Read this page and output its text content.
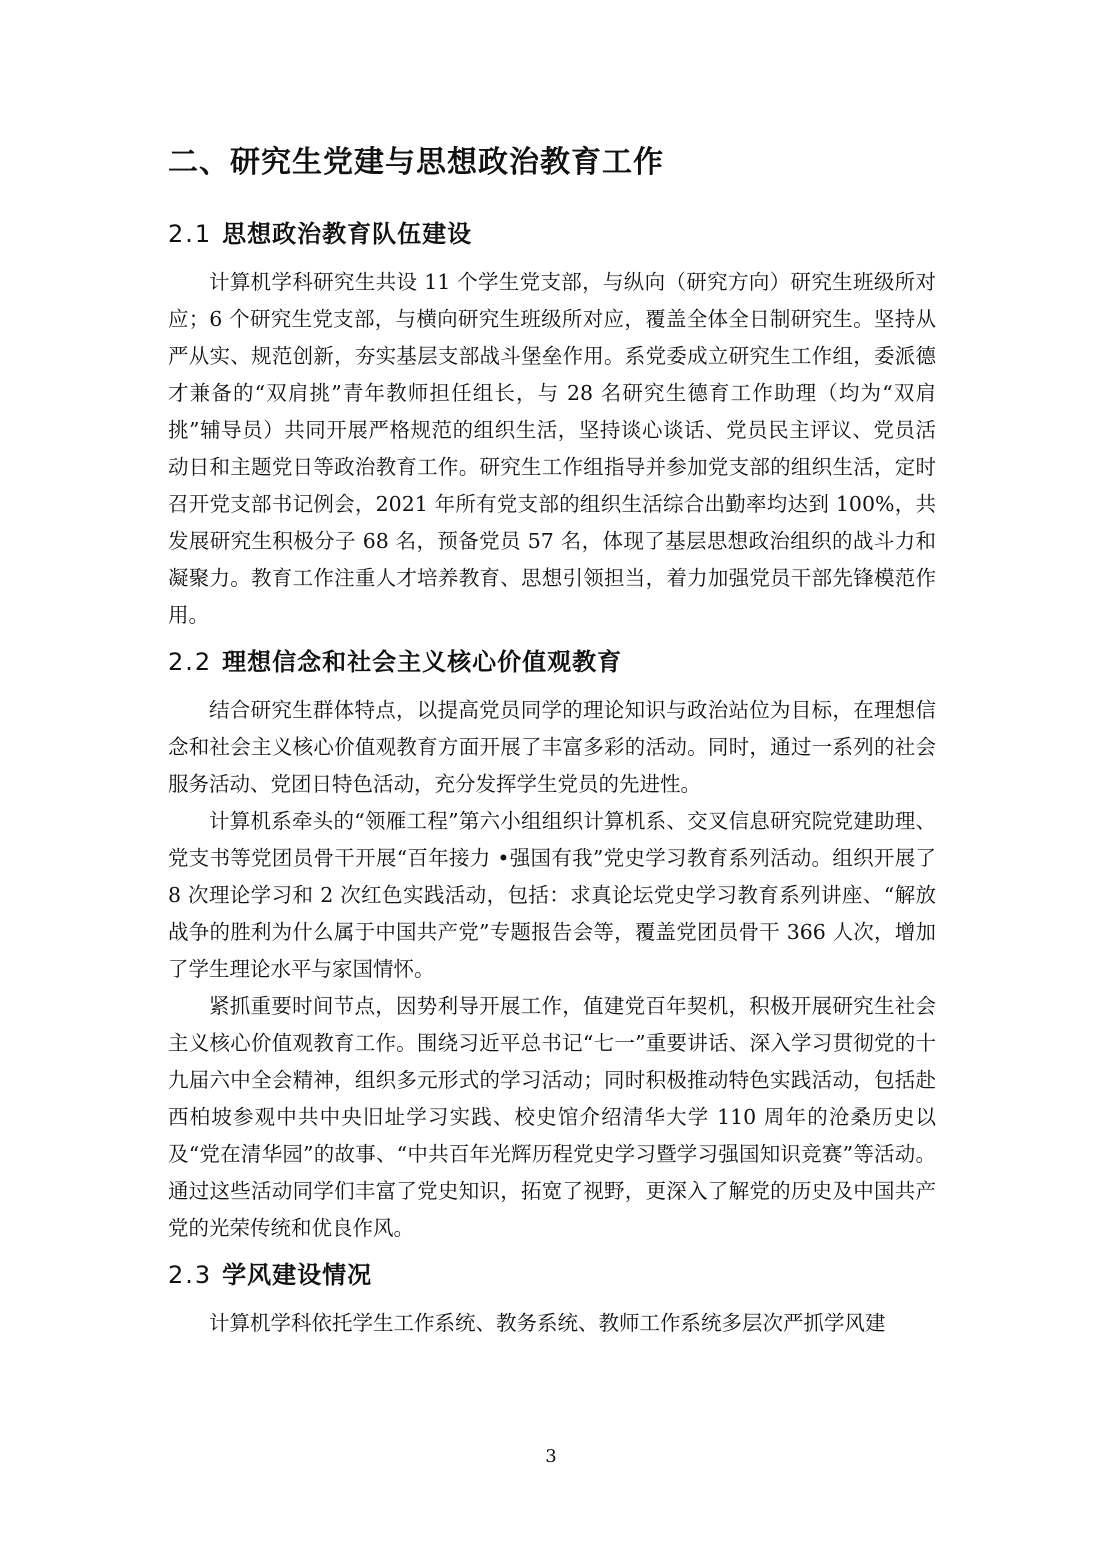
二、研究生党建与思想政治教育工作
2.1 思想政治教育队伍建设

计算机学科研究生共设 11 个学生党支部，与纵向（研究方向）研究生班级所对应；6 个研究生党支部，与横向研究生班级所对应，覆盖全体全日制研究生。坚持从严从实、规范创新，夯实基层支部战斗堡垒作用。系党委成立研究生工作组，委派德才兼备的“双肩挑”青年教师担任组长，与 28 名研究生德育工作助理（均为“双肩挑”辅导员）共同开展严格规范的组织生活，坚持谈心谈话、党员民主评议、党员活动日和主题党日等政治教育工作。研究生工作组指导并参加党支部的组织生活，定时召开党支部书记例会，2021 年所有党支部的组织生活综合出勤率均达到 100%，共发展研究生积极分子 68 名，预备党员 57 名，体现了基层思想政治组织的战斗力和凝聚力。教育工作注重人才培养教育、思想引领担当，着力加强党员干部先锋模范作用。

2.2 理想信念和社会主义核心价值观教育

结合研究生群体特点，以提高党员同学的理论知识与政治站位为目标，在理想信念和社会主义核心价值观教育方面开展了丰富多彩的活动。同时，通过一系列的社会服务活动、党团日特色活动，充分发挥学生党员的先进性。

计算机系牵头的“领雁工程”第六小组组织计算机系、交叉信息研究院党建助理、党支书等党团员骨干开展“百年接力 •强国有我”党史学习教育系列活动。组织开展了 8 次理论学习和 2 次红色实践活动，包括：求真论坛党史学习教育系列讲座、“解放战争的胜利为什么属于中国共产党”专题报告会等，覆盖党团员骨干 366 人次，增加了学生理论水平与家国情怀。

紧抓重要时间节点，因势利导开展工作，值建党百年契机，积极开展研究生社会主义核心价值观教育工作。围绕习近平总书记“七一”重要讲话、深入学习贯彻党的十九届六中全会精神，组织多元形式的学习活动；同时积极推动特色实践活动，包括赴西柏坡参观中共中央旧址学习实践、校史馆介绍清华大学 110 周年的沧桑历史以及“党在清华园”的故事、“中共百年光辉历程党史学习暨学习强国知识竞赛”等活动。通过这些活动同学们丰富了党史知识，拓宽了视野，更深入了解党的历史及中国共产党的光荣传统和优良作风。

2.3 学风建设情况

计算机学科依托学生工作系统、教务系统、教师工作系统多层次严抓学风建

3
